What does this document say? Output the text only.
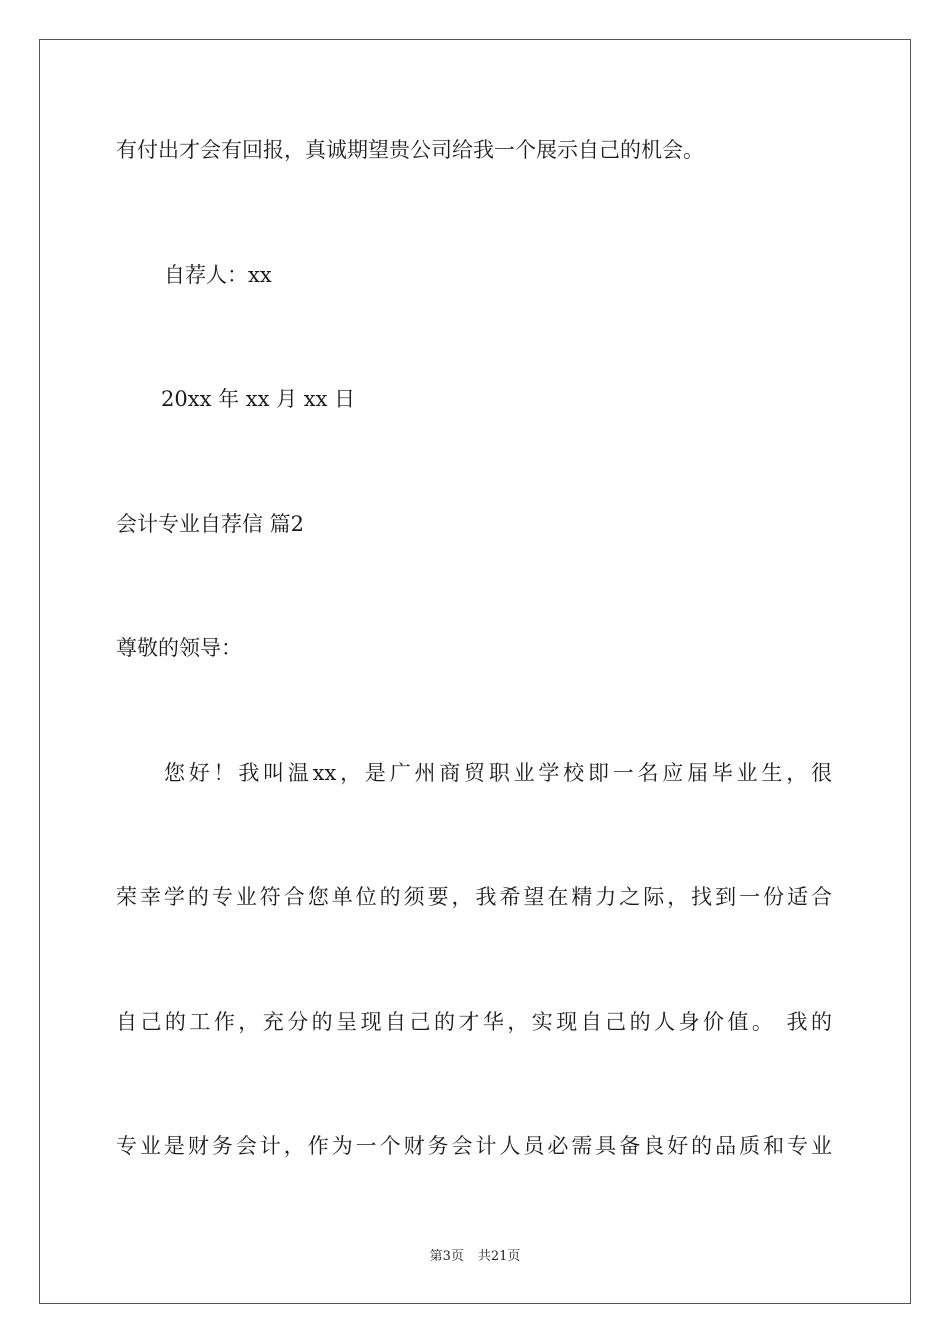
有付出才会有回报，真诚期望贵公司给我一个展示自己的机会。
自荐人：xx
20xx 年 xx 月 xx 日
会计专业自荐信 篇2
尊敬的领导：
您好！我叫温xx，是广州商贸职业学校即一名应届毕业生，很
荣幸学的专业符合您单位的须要，我希望在精力之际，找到一份适合
自己的工作，充分的呈现自己的才华，实现自己的人身价值。 我的
专业是财务会计，作为一个财务会计人员必需具备良好的品质和专业
第3页 共21页
